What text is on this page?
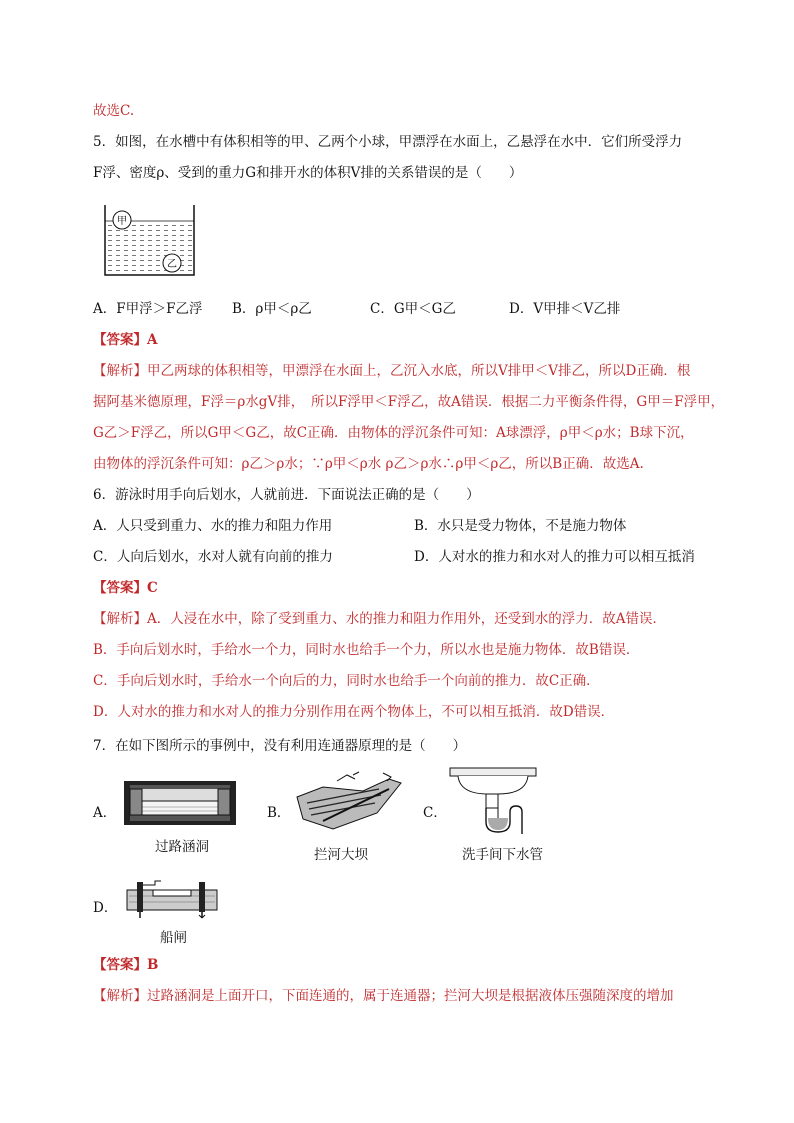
故选C.
5．如图，在水槽中有体积相等的甲、乙两个小球，甲漂浮在水面上，乙悬浮在水中．它们所受浮力
F浮、密度ρ、受到的重力G和排开水的体积V排的关系错误的是（　　）
甲
乙
A．F甲浮＞F乙浮 B．ρ甲＜ρ乙	C．G甲＜G乙	D．V甲排＜V乙排
【答案】A
【解析】甲乙两球的体积相等，甲漂浮在水面上，乙沉入水底，所以V排甲＜V排乙，所以D正确．根
据阿基米德原理，F浮＝ρ水gV排，　所以F浮甲＜F浮乙，故A错误．根据二力平衡条件得，G甲＝F浮甲，
G乙＞F浮乙，所以G甲＜G乙，故C正确．由物体的浮沉条件可知：A球漂浮，ρ甲＜ρ水；B球下沉，
由物体的浮沉条件可知：ρ乙＞ρ水；∵ρ甲＜ρ水 ρ乙＞ρ水∴ρ甲＜ρ乙，所以B正确．故选A.
6．游泳时用手向后划水，人就前进．下面说法正确的是（　　）
A．人只受到重力、水的推力和阻力作用	B．水只是受力物体，不是施力物体
C．人向后划水，水对人就有向前的推力	D．人对水的推力和水对人的推力可以相互抵消
【答案】C
【解析】A．人浸在水中，除了受到重力、水的推力和阻力作用外，还受到水的浮力．故A错误．
B．手向后划水时，手给水一个力，同时水也给手一个力，所以水也是施力物体．故B错误．
C．手向后划水时，手给水一个向后的力，同时水也给手一个向前的推力．故C正确．
D．人对水的推力和水对人的推力分别作用在两个物体上，不可以相互抵消．故D错误．
7．在如下图所示的事例中，没有利用连通器原理的是（　　）
A．
过路涵洞
B．
拦河大坝
C．
洗手间下水管
D．
船闸
【答案】B
【解析】过路涵洞是上面开口，下面连通的，属于连通器；拦河大坝是根据液体压强随深度的增加
